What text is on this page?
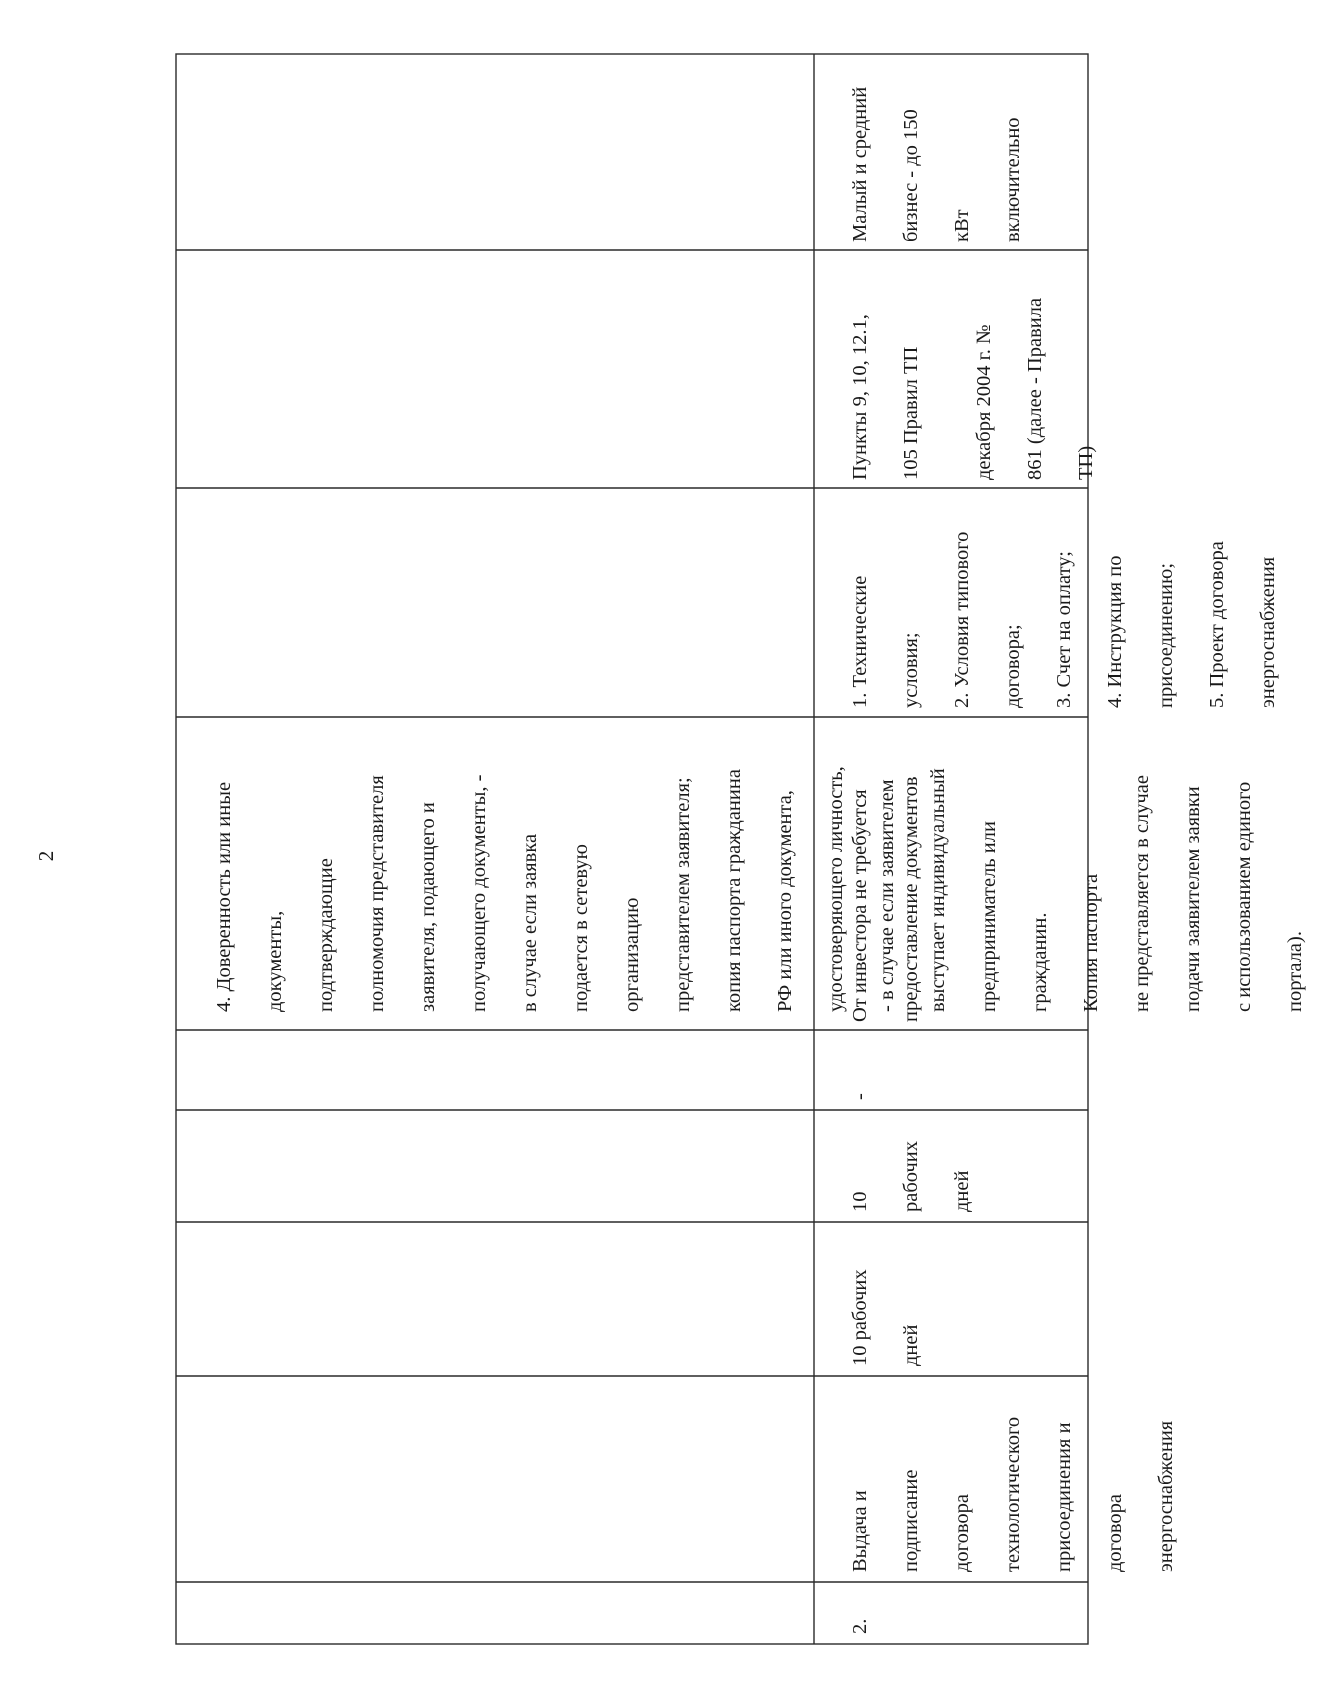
2	4. Доверенность или иные документы, подтверждающие полномочия представителя заявителя, подающего и получающего документы, - в случае если заявка подается в сетевую организацию представителем заявителя; копия паспорта гражданина РФ или иного документа, удостоверяющего личность, - в случае если заявителем выступает индивидуальный предприниматель или гражданин. Копия паспорта не представляется в случае подачи заявителем заявки с использованием единого портала).

декабря 2004 г. № 861 (далее - Правила ТП)

2.

Выдача и подписание договора технологического присоединения и договора энергоснабжения

10 рабочих дней

10 рабочих дней

-

От инвестора не требуется предоставление документов

1. Технические условия; 2. Условия типового договора; 3. Счет на оплату; 4. Инструкция по присоединению; 5. Проект договора энергоснабжения

Пункты 9, 10, 12.1, 105 Правил ТП

Малый и средний бизнес - до 150 кВт включительно
